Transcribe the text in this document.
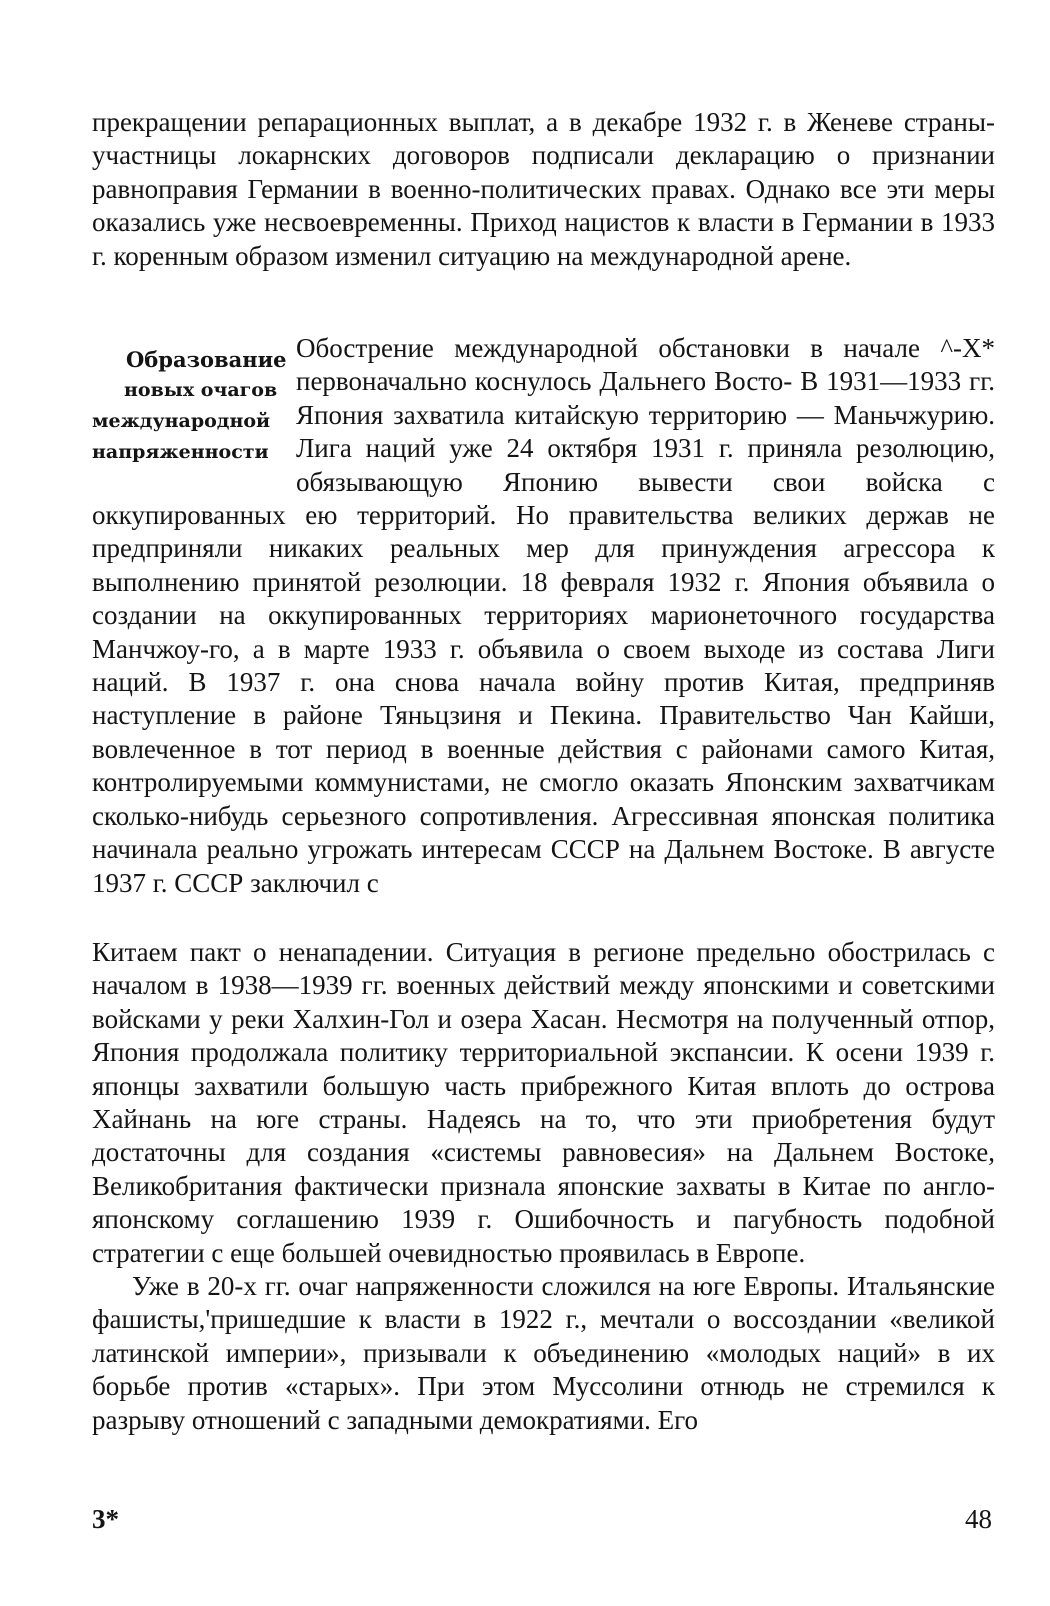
прекращении репарационных выплат, а в декабре 1932 г. в Женеве страны-участницы локарнских договоров подписали декларацию о признании равноправия Германии в военно-политических правах. Однако все эти меры оказались уже несвоевременны. Приход нацистов к власти в Германии в 1933 г. коренным образом изменил ситуацию на международной арене.

Образование
новых очагов
международной
напряженности

Обострение международной обстановки в начале ^-X* первоначально коснулось Дальнего Восто- В 1931—1933 гг. Япония захватила китайскую территорию — Маньчжурию. Лига наций уже 24 октября 1931 г. приняла резолюцию, обязывающую Японию вывести свои войска с оккупированных ею территорий. Но правительства великих держав не предприняли никаких реальных мер для принуждения агрессора к выполнению принятой резолюции. 18 февраля 1932 г. Япония объявила о создании на оккупированных территориях марионеточного государства Манчжоу-го, а в марте 1933 г. объявила о своем выходе из состава Лиги наций. В 1937 г. она снова начала войну против Китая, предприняв наступление в районе Тяньцзиня и Пекина. Правительство Чан Кайши, вовлеченное в тот период в военные действия с районами самого Китая, контролируемыми коммунистами, не смогло оказать Японским захватчикам сколько-нибудь серьезного сопротивления. Агрессивная японская политика начинала реально угрожать интересам СССР на Дальнем Востоке. В августе 1937 г. СССР заключил с

Китаем пакт о ненападении. Ситуация в регионе предельно обострилась с началом в 1938—1939 гг. военных действий между японскими и советскими войсками у реки Халхин-Гол и озера Хасан. Несмотря на полученный отпор, Япония продолжала политику территориальной экспансии. К осени 1939 г. японцы захватили большую часть прибрежного Китая вплоть до острова Хайнань на юге страны. Надеясь на то, что эти приобретения будут достаточны для создания «системы равновесия» на Дальнем Востоке, Великобритания фактически признала японские захваты в Китае по англо-японскому соглашению 1939 г. Ошибочность и пагубность подобной стратегии с еще большей очевидностью проявилась в Европе.

Уже в 20-х гг. очаг напряженности сложился на юге Европы. Итальянские фашисты,'пришедшие к власти в 1922 г., мечтали о воссоздании «великой латинской империи», призывали к объединению «молодых наций» в их борьбе против «старых». При этом Муссолини отнюдь не стремился к разрыву отношений с западными демократиями. Его

3*	48
